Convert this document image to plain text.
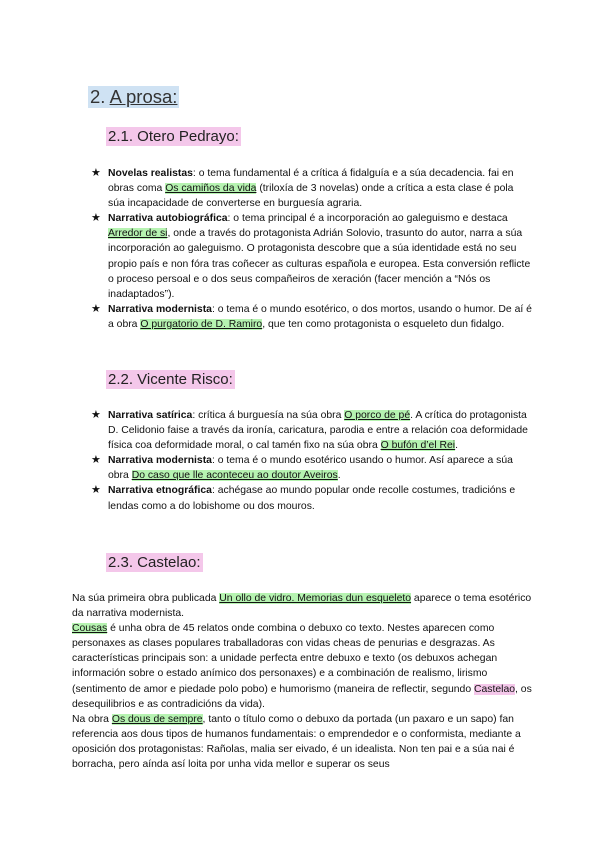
2. A prosa:
2.1. Otero Pedrayo:
★ Novelas realistas: o tema fundamental é a crítica á fidalguía e a súa decadencia. fai en obras coma Os camiños da vida (triloxía de 3 novelas) onde a crítica a esta clase é pola súa incapacidade de converterse en burguesía agraria.
★ Narrativa autobiográfica: o tema principal é a incorporación ao galeguismo e destaca Arredor de si, onde a través do protagonista Adrián Solovio, trasunto do autor, narra a súa incorporación ao galeguismo. O protagonista descobre que a súa identidade está no seu propio país e non fóra tras coñecer as culturas española e europea. Esta conversión reflicte o proceso persoal e o dos seus compañeiros de xeración (facer mención a “Nós os inadaptados”).
★ Narrativa modernista: o tema é o mundo esotérico, o dos mortos, usando o humor. De aí é a obra O purgatorio de D. Ramiro, que ten como protagonista o esqueleto dun fidalgo.
2.2. Vicente Risco:
★ Narrativa satírica: crítica á burguesía na súa obra O porco de pé. A crítica do protagonista D. Celidonio faise a través da ironía, caricatura, parodia e entre a relación coa deformidade física coa deformidade moral, o cal tamén fixo na súa obra O bufón d’el Rei.
★ Narrativa modernista: o tema é o mundo esotérico usando o humor. Así aparece a súa obra Do caso que lle aconteceu ao doutor Aveiros.
★ Narrativa etnográfica: achégase ao mundo popular onde recolle costumes, tradicións e lendas como a do lobishome ou dos mouros.
2.3. Castelao:

Na súa primeira obra publicada Un ollo de vidro. Memorias dun esqueleto aparece o tema esotérico da narrativa modernista.

Cousas é unha obra de 45 relatos onde combina o debuxo co texto. Nestes aparecen como personaxes as clases populares traballadoras con vidas cheas de penurias e desgrazas. As características principais son: a unidade perfecta entre debuxo e texto (os debuxos achegan información sobre o estado anímico dos personaxes) e a combinación de realismo, lirismo (sentimento de amor e piedade polo pobo) e humorismo (maneira de reflectir, segundo Castelao, os desequilibrios e as contradicións da vida).

Na obra Os dous de sempre, tanto o título como o debuxo da portada (un paxaro e un sapo) fan referencia aos dous tipos de humanos fundamentais: o emprendedor e o conformista, mediante a oposición dos protagonistas: Rañolas, malia ser eivado, é un idealista. Non ten pai e a súa nai é borracha, pero aínda así loita por unha vida mellor e superar os seus
